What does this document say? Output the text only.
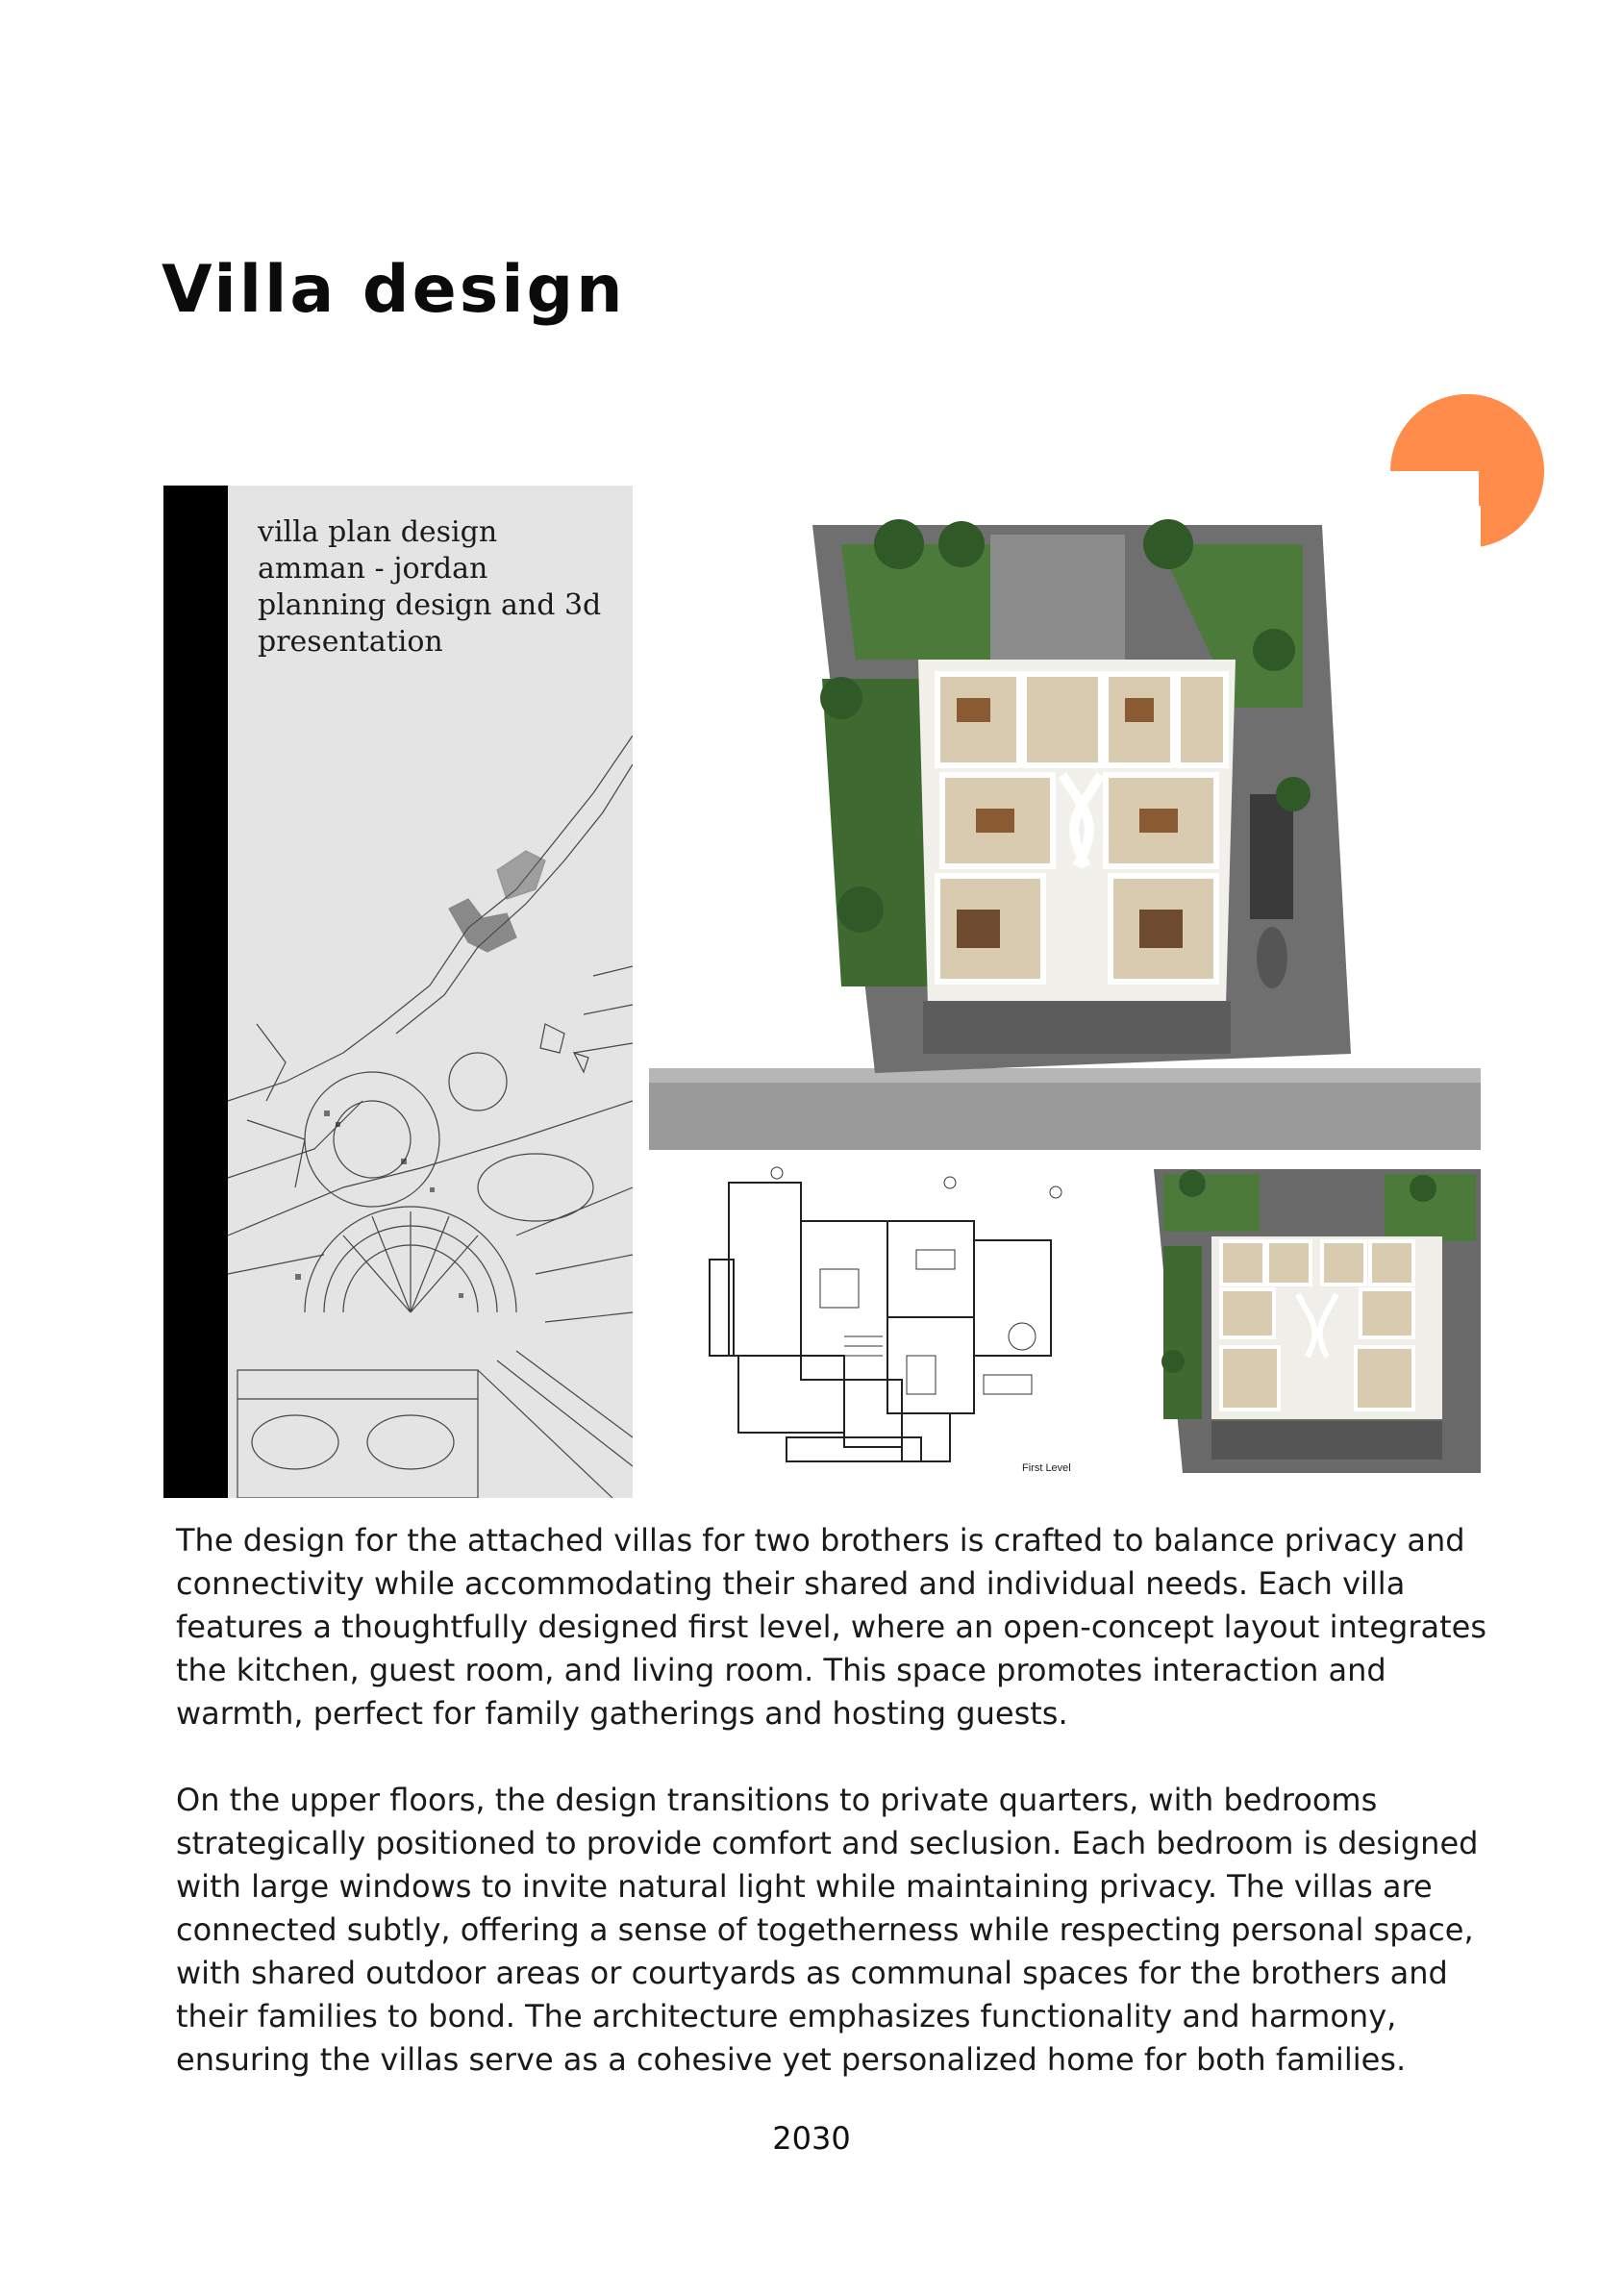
Villa design
villa plan design
amman - jordan
planning design and 3d
presentation
First Level

The design for the attached villas for two brothers is crafted to balance privacy and connectivity while accommodating their shared and individual needs. Each villa features a thoughtfully designed first level, where an open-concept layout integrates the kitchen, guest room, and living room. This space promotes interaction and warmth, perfect for family gatherings and hosting guests.

On the upper floors, the design transitions to private quarters, with bedrooms strategically positioned to provide comfort and seclusion. Each bedroom is designed with large windows to invite natural light while maintaining privacy. The villas are connected subtly, offering a sense of togetherness while respecting personal space, with shared outdoor areas or courtyards as communal spaces for the brothers and their families to bond. The architecture emphasizes functionality and harmony, ensuring the villas serve as a cohesive yet personalized home for both families.

2030
